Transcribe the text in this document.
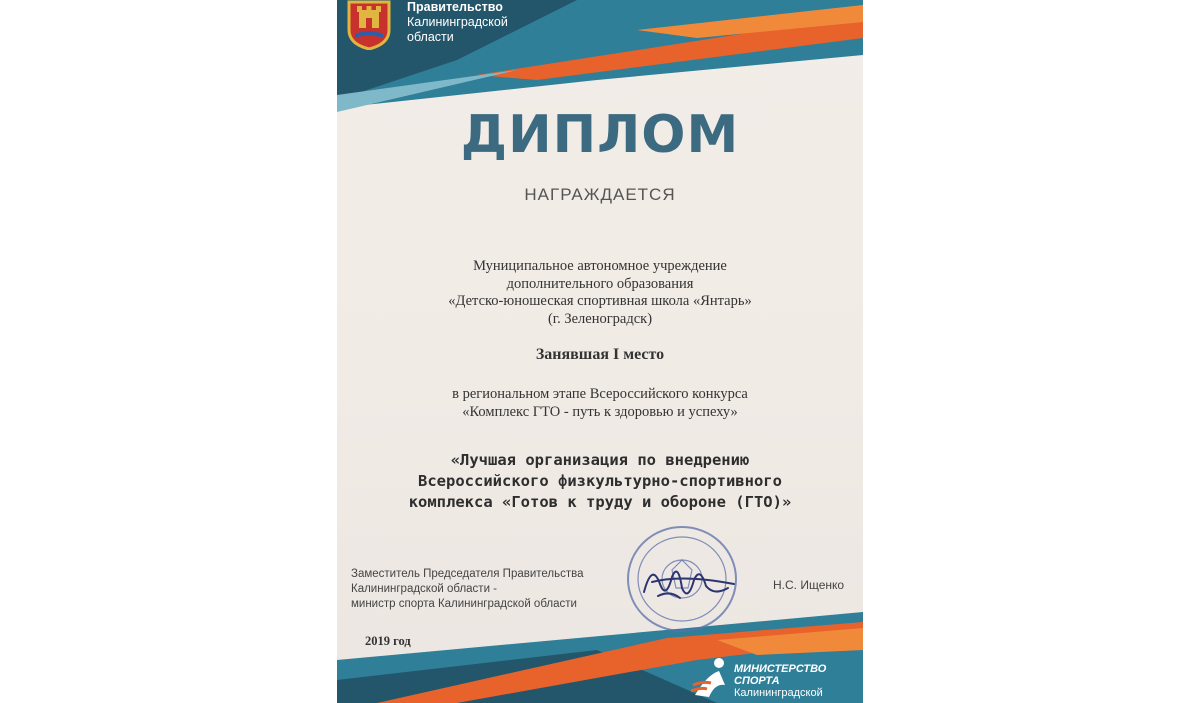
Правительство
Калининградской
области
ДИПЛОМ
НАГРАЖДАЕТСЯ
Муниципальное автономное учреждение
дополнительного образования
«Детско-юношеская спортивная школа «Янтарь»
(г. Зеленоградск)
Занявшая I место
в региональном этапе Всероссийского конкурса
«Комплекс ГТО - путь к здоровью и успеху»
«Лучшая организация по внедрению
Всероссийского физкультурно-спортивного
комплекса «Готов к труду и обороне (ГТО)»
Заместитель Председателя Правительства
Калининградской области -
министр спорта Калининградской области
Н.С. Ищенко
2019 год
МИНИСТЕРСТВО
СПОРТА
Калининградской
